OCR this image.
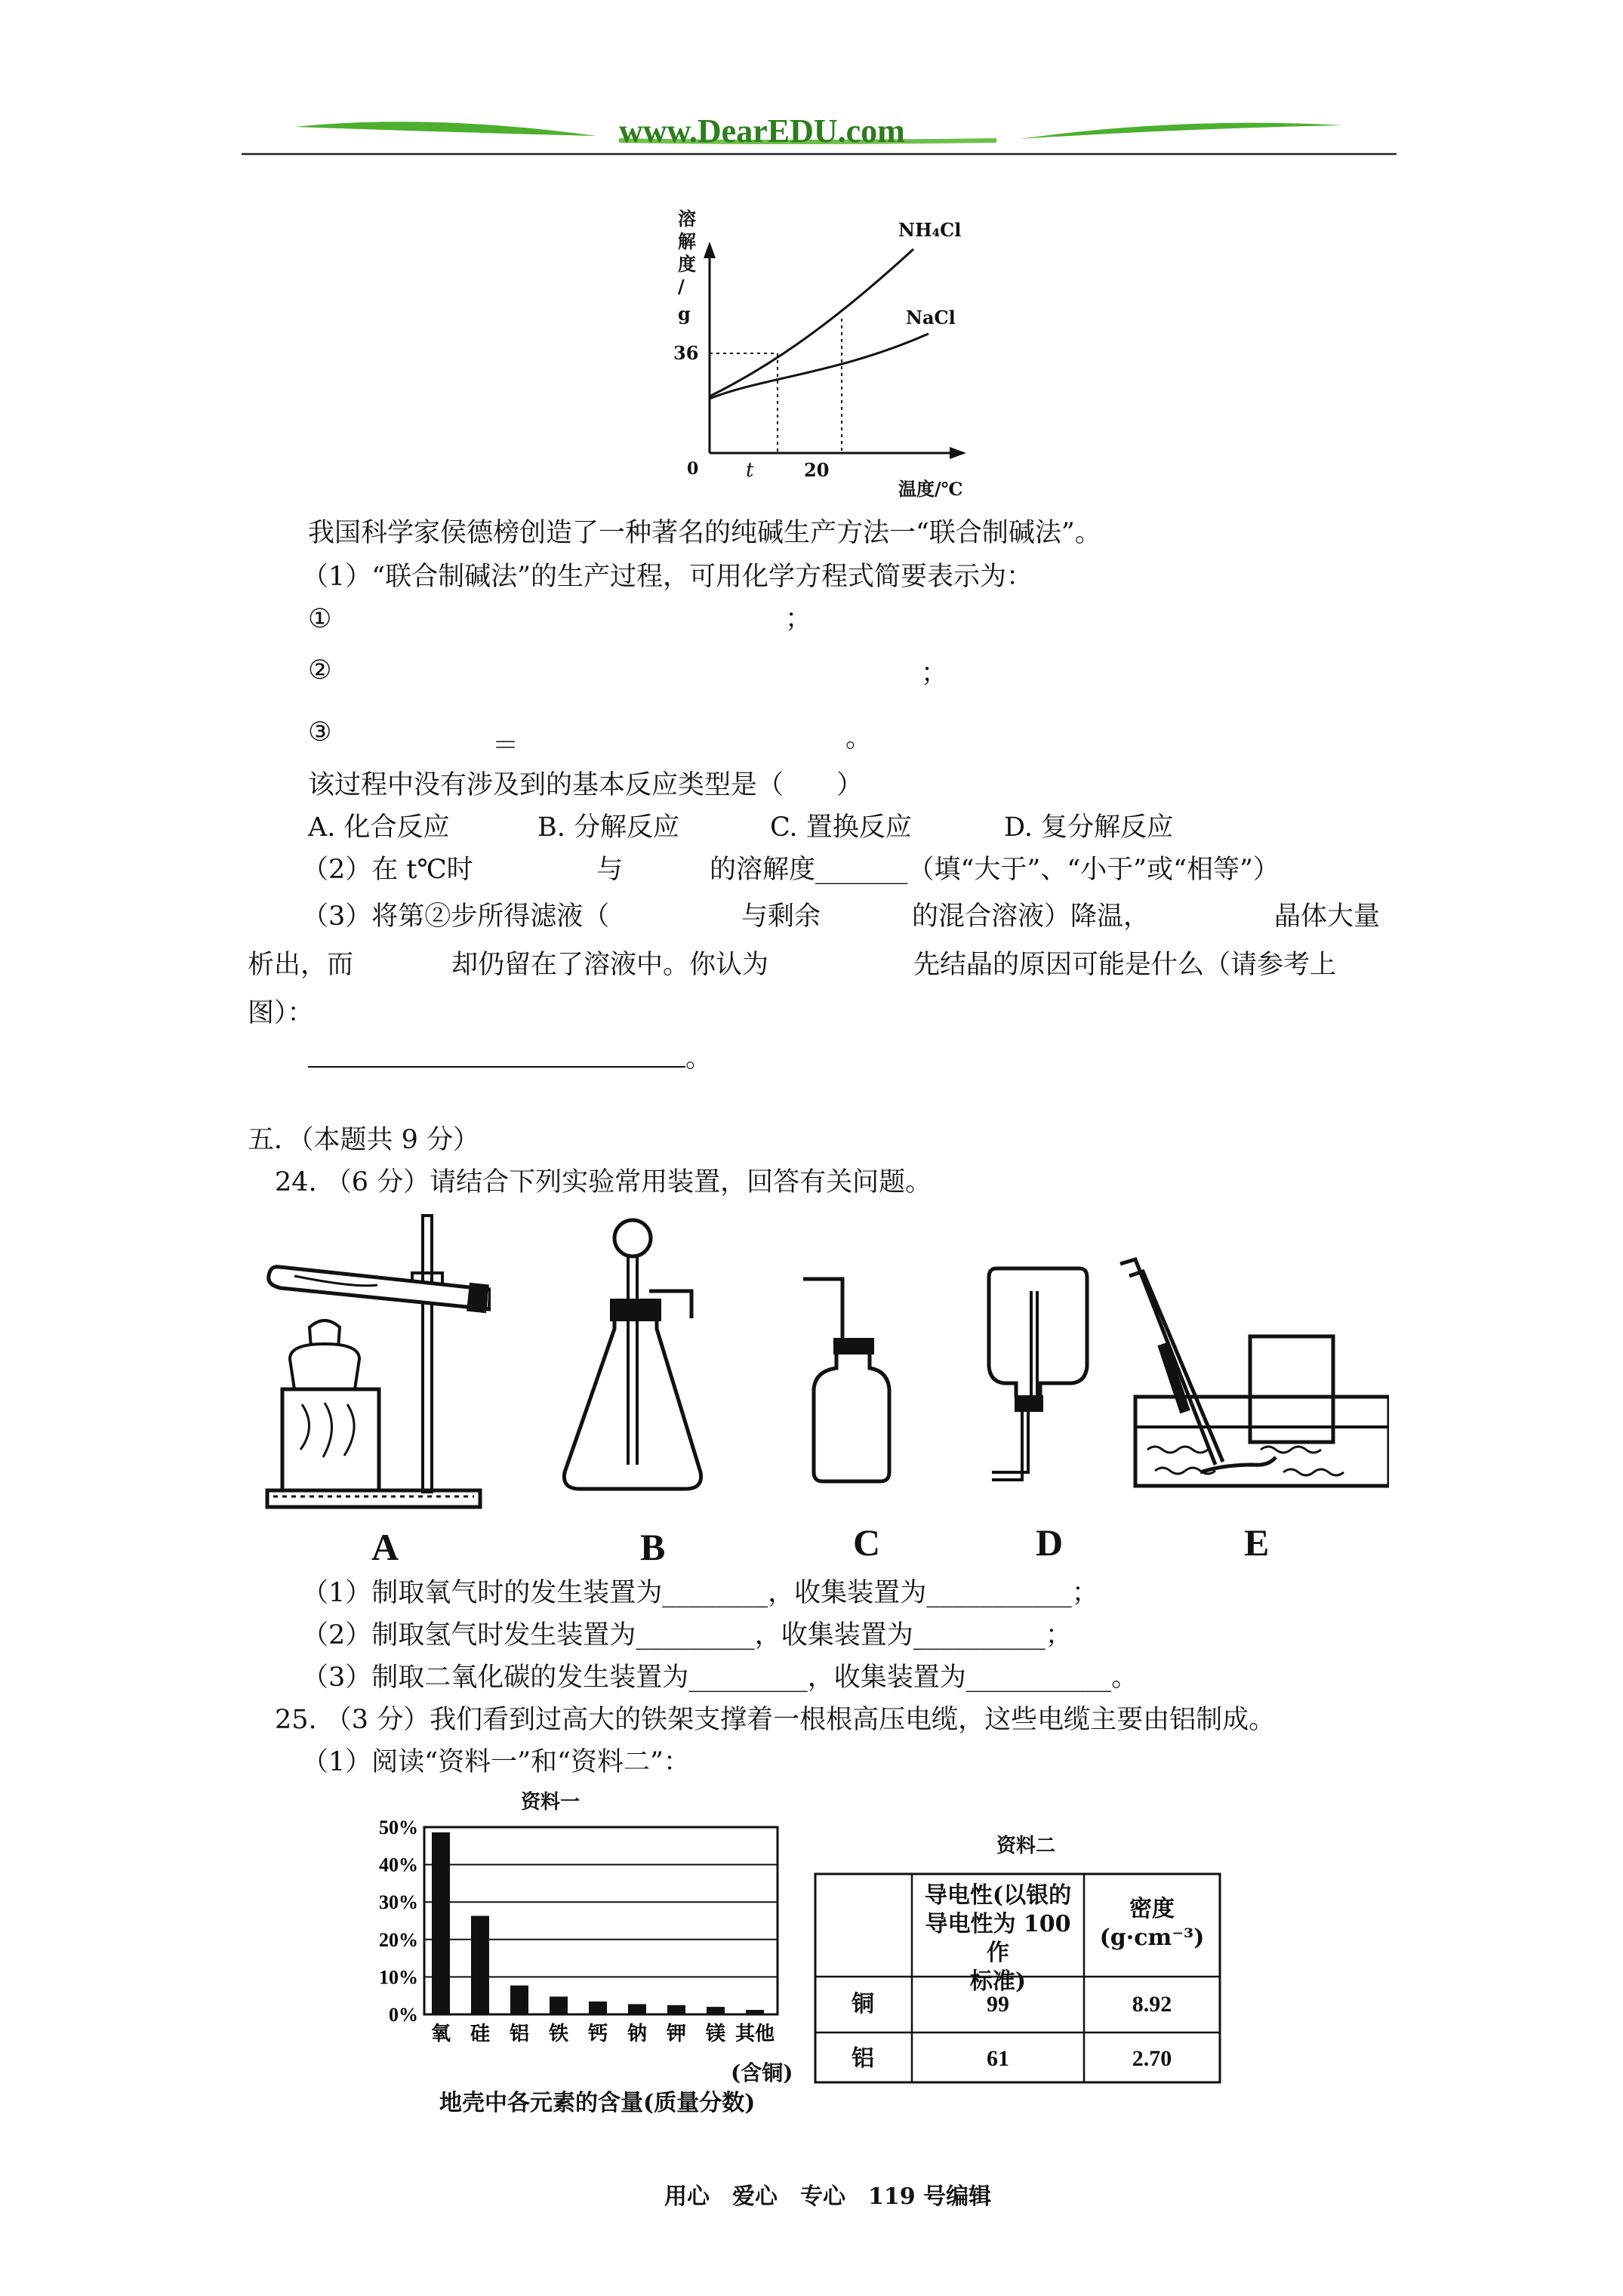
www.DearEDU.com
溶
解
度
/
g
36
0 t	20
温度/℃
NH₄Cl
NaCl
我国科学家侯德榜创造了一种著名的纯碱生产方法一“联合制碱法”。
（1）“联合制碱法”的生产过程，可用化学方程式简要表示为：
①	；
②	；
③	＝	。
该过程中没有涉及到的基本反应类型是（　　）
A. 化合反应	B. 分解反应	C. 置换反应	D. 复分解反应
（2）在 t℃时	与	的溶解度_______（填“大于”、“小于”或“相等”）
（3）将第②步所得滤液（	与剩余	的混合溶液）降温，	晶体大量
析出，而	却仍留在了溶液中。你认为	先结晶的原因可能是什么（请参考上
图）：
。
五．（本题共 9 分）
24. （6 分）请结合下列实验常用装置，回答有关问题。
A	B	C	D	E
（1）制取氧气时的发生装置为________，收集装置为___________；
（2）制取氢气时发生装置为_________，收集装置为__________；
（3）制取二氧化碳的发生装置为_________，收集装置为___________。
25. （3 分）我们看到过高大的铁架支撑着一根根高压电缆，这些电缆主要由铝制成。
（1）阅读“资料一”和“资料二”：
资料一
50%
40%
30%
20%
10%
0%
氧 硅 铝 铁 钙 钠 钾 镁 其他
(含铜)
地壳中各元素的含量(质量分数)
资料二
导电性(以银的
导电性为 100 作
标准)
密度
(g·cm⁻³)
铜	99	8.92
铝	61	2.70
用心　爱心　专心　119 号编辑
